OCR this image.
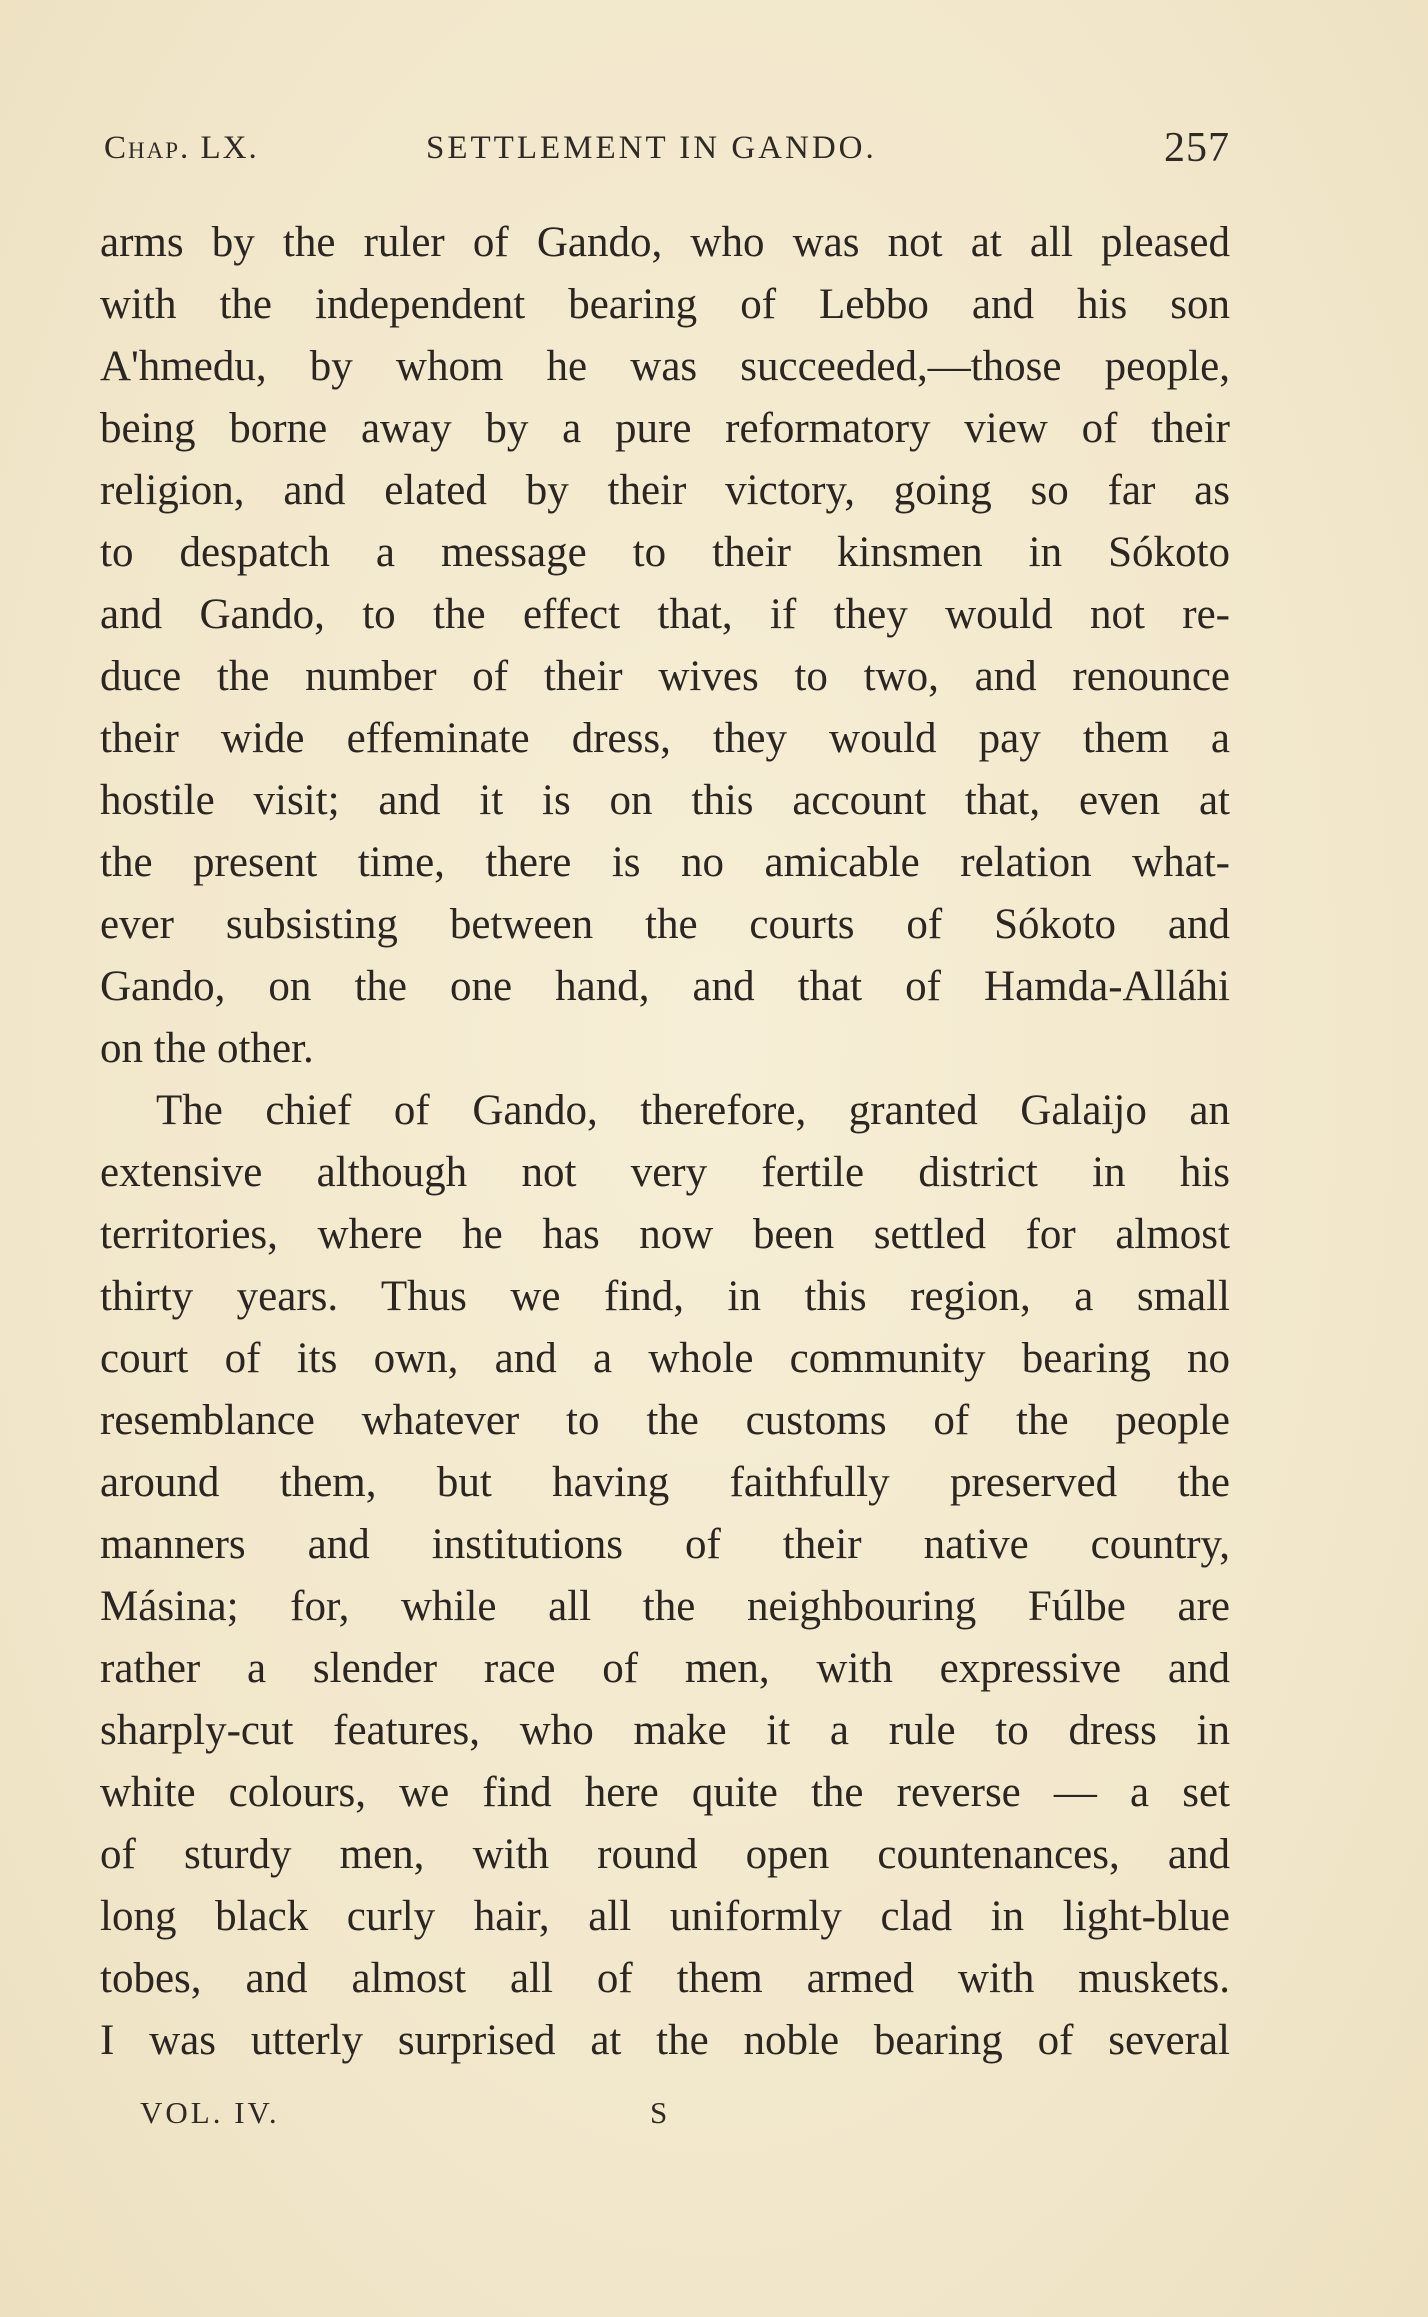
Chap. LX.	SETTLEMENT IN GANDO.	257
arms by the ruler of Gando, who was not at all pleased
with the independent bearing of Lebbo and his son
A'hmedu, by whom he was succeeded,—those people,
being borne away by a pure reformatory view of their
religion, and elated by their victory, going so far as
to despatch a message to their kinsmen in Sókoto
and Gando, to the effect that, if they would not re-
duce the number of their wives to two, and renounce
their wide effeminate dress, they would pay them a
hostile visit; and it is on this account that, even at
the present time, there is no amicable relation what-
ever subsisting between the courts of Sókoto and
Gando, on the one hand, and that of Hamda-Alláhi
on the other.
The chief of Gando, therefore, granted Galaijo an
extensive although not very fertile district in his
territories, where he has now been settled for almost
thirty years. Thus we find, in this region, a small
court of its own, and a whole community bearing no
resemblance whatever to the customs of the people
around them, but having faithfully preserved the
manners and institutions of their native country,
Másina; for, while all the neighbouring Fúlbe are
rather a slender race of men, with expressive and
sharply-cut features, who make it a rule to dress in
white colours, we find here quite the reverse — a set
of sturdy men, with round open countenances, and
long black curly hair, all uniformly clad in light-blue
tobes, and almost all of them armed with muskets.
I was utterly surprised at the noble bearing of several
VOL. IV.	S
